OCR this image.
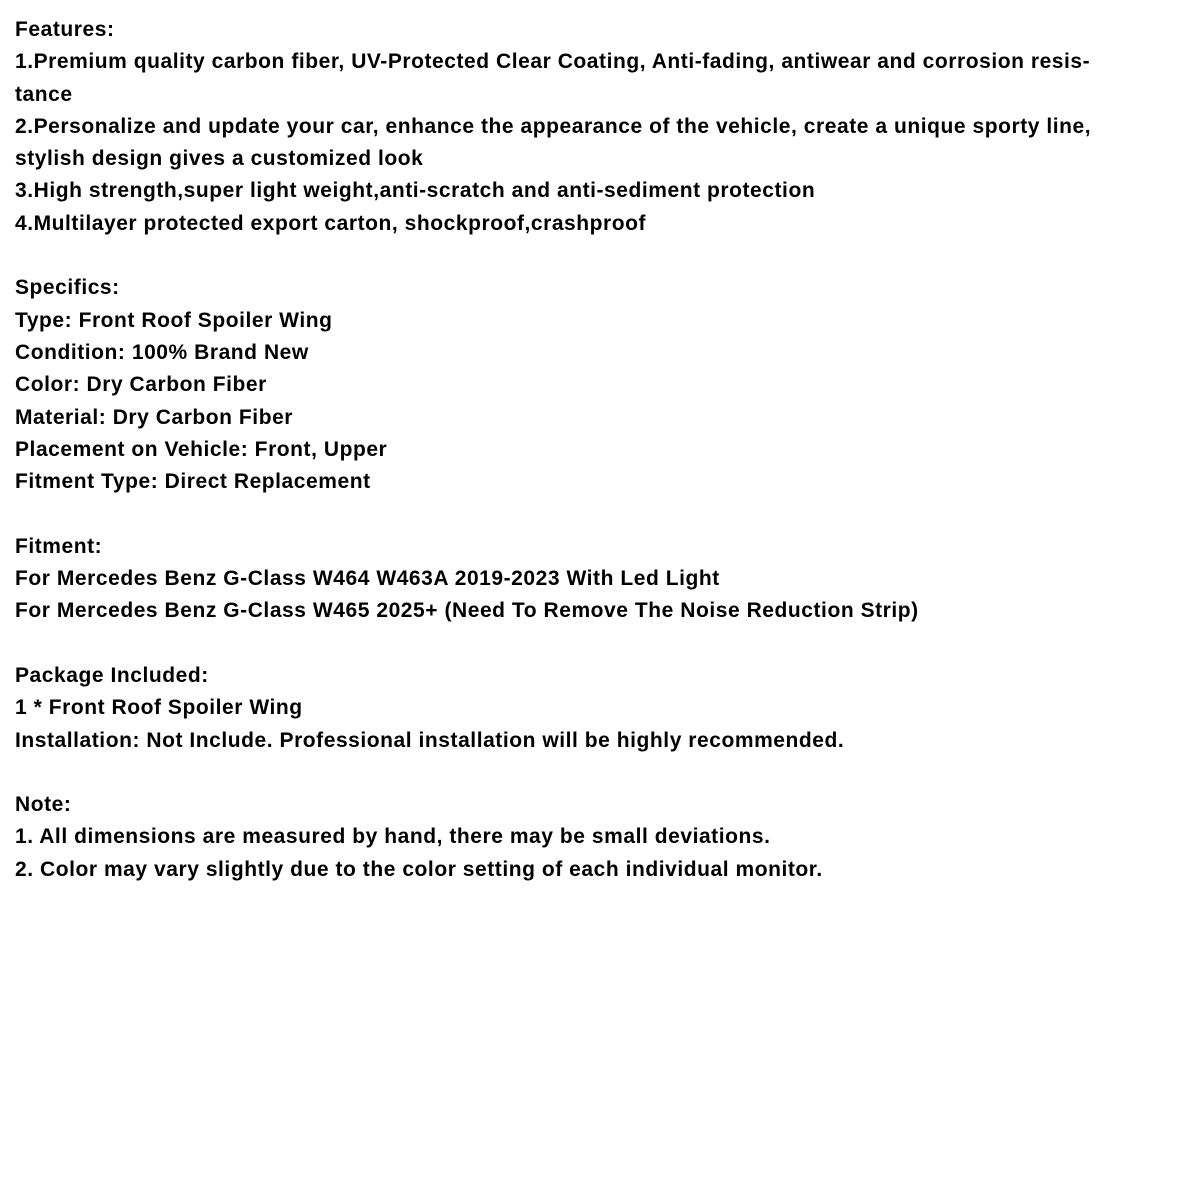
Features:
1.Premium quality carbon fiber, UV-Protected Clear Coating, Anti-fading, antiwear and corrosion resis-
tance
2.Personalize and update your car, enhance the appearance of the vehicle, create a unique sporty line,
stylish design gives a customized look
3.High strength,super light weight,anti-scratch and anti-sediment protection
4.Multilayer protected export carton, shockproof,crashproof
Specifics:
Type: Front Roof Spoiler Wing
Condition: 100% Brand New
Color: Dry Carbon Fiber
Material: Dry Carbon Fiber
Placement on Vehicle: Front, Upper
Fitment Type: Direct Replacement
Fitment:
For Mercedes Benz G-Class W464 W463A 2019-2023 With Led Light
For Mercedes Benz G-Class W465 2025+ (Need To Remove The Noise Reduction Strip)
Package Included:
1 * Front Roof Spoiler Wing
Installation: Not Include. Professional installation will be highly recommended.
Note:
1. All dimensions are measured by hand, there may be small deviations.
2. Color may vary slightly due to the color setting of each individual monitor.
